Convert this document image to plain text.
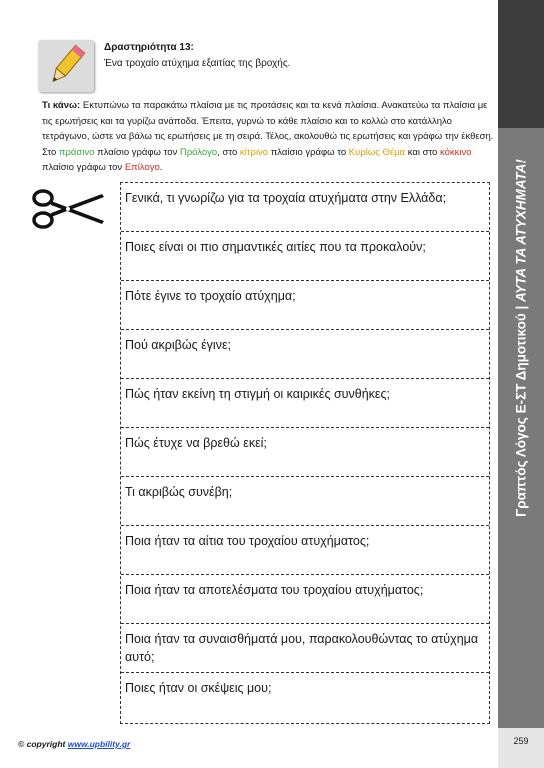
Δραστηριότητα 13:
Ένα τροχαίο ατύχημα εξαιτίας της βροχής.
Τι κάνω: Εκτυπώνω τα παρακάτω πλαίσια με τις προτάσεις και τα κενά πλαίσια. Ανακατεύω τα πλαίσια με τις ερωτήσεις και τα γυρίζω ανάποδα. Έπειτα, γυρνώ το κάθε πλαίσιο και το κολλώ στο κατάλληλο τετράγωνο, ώστε να βάλω τις ερωτήσεις με τη σειρά. Τέλος, ακολουθώ τις ερωτήσεις και γράφω την έκθεση. Στο πράσινο πλαίσιο γράφω τον Πρόλογο, στο κίτρινο πλαίσιο γράφω το Κυρίως Θέμα και στο κόκκινο πλαίσιο γράφω τον Επίλογο.
Γενικά, τι γνωρίζω για τα τροχαία ατυχήματα στην Ελλάδα;
Ποιες είναι οι πιο σημαντικές αιτίες που τα προκαλούν;
Πότε έγινε το τροχαίο ατύχημα;
Πού ακριβώς έγινε;
Πώς ήταν εκείνη τη στιγμή οι καιρικές συνθήκες;
Πώς έτυχε να βρεθώ εκεί;
Τι ακριβώς συνέβη;
Ποια ήταν τα αίτια του τροχαίου ατυχήματος;
Ποια ήταν τα αποτελέσματα του τροχαίου ατυχήματος;
Ποια ήταν τα συναισθήματά μου, παρακολουθώντας το ατύχημα αυτό;
Ποιες ήταν οι σκέψεις μου;
Γραπτός Λόγος Ε-ΣΤ Δημοτικού | ΑΥΤΑ ΤΑ ΑΤΥΧΗΜΑΤΑ!
259
© copyright www.upbility.gr
